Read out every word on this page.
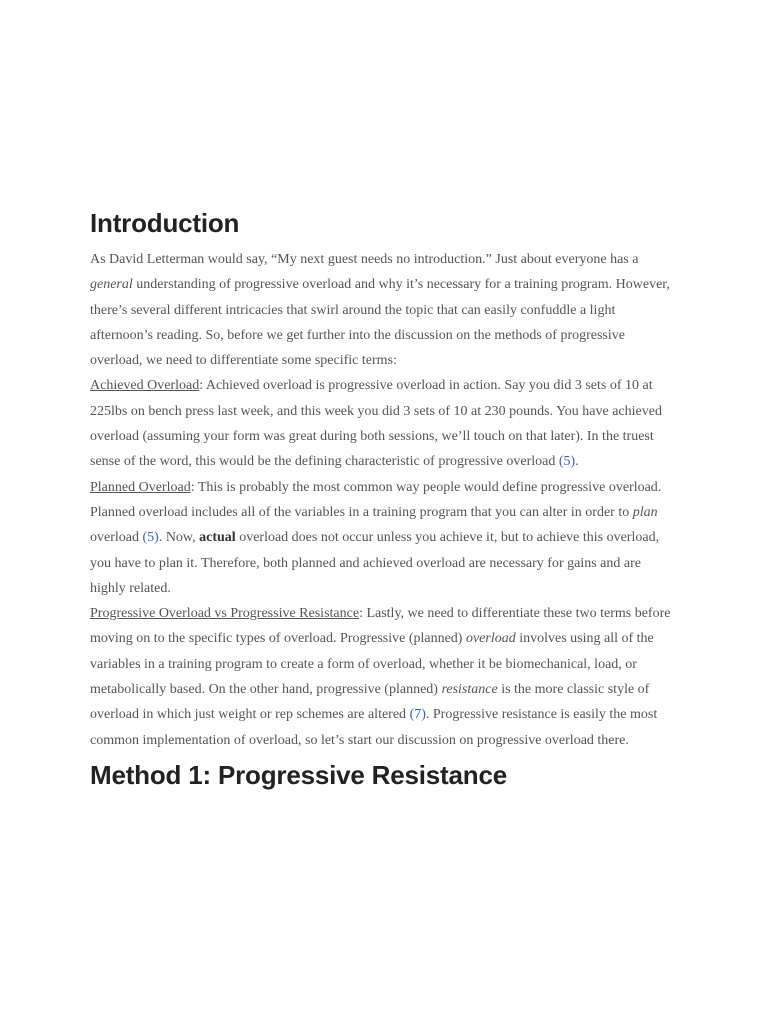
Introduction

As David Letterman would say, “My next guest needs no introduction.” Just about everyone has a general understanding of progressive overload and why it’s necessary for a training program. However, there’s several different intricacies that swirl around the topic that can easily confuddle a light afternoon’s reading. So, before we get further into the discussion on the methods of progressive overload, we need to differentiate some specific terms:

Achieved Overload: Achieved overload is progressive overload in action. Say you did 3 sets of 10 at 225lbs on bench press last week, and this week you did 3 sets of 10 at 230 pounds. You have achieved overload (assuming your form was great during both sessions, we’ll touch on that later). In the truest sense of the word, this would be the defining characteristic of progressive overload (5).

Planned Overload: This is probably the most common way people would define progressive overload. Planned overload includes all of the variables in a training program that you can alter in order to plan overload (5). Now, actual overload does not occur unless you achieve it, but to achieve this overload, you have to plan it. Therefore, both planned and achieved overload are necessary for gains and are highly related.

Progressive Overload vs Progressive Resistance: Lastly, we need to differentiate these two terms before moving on to the specific types of overload. Progressive (planned) overload involves using all of the variables in a training program to create a form of overload, whether it be biomechanical, load, or metabolically based. On the other hand, progressive (planned) resistance is the more classic style of overload in which just weight or rep schemes are altered (7). Progressive resistance is easily the most common implementation of overload, so let’s start our discussion on progressive overload there.

Method 1: Progressive Resistance
